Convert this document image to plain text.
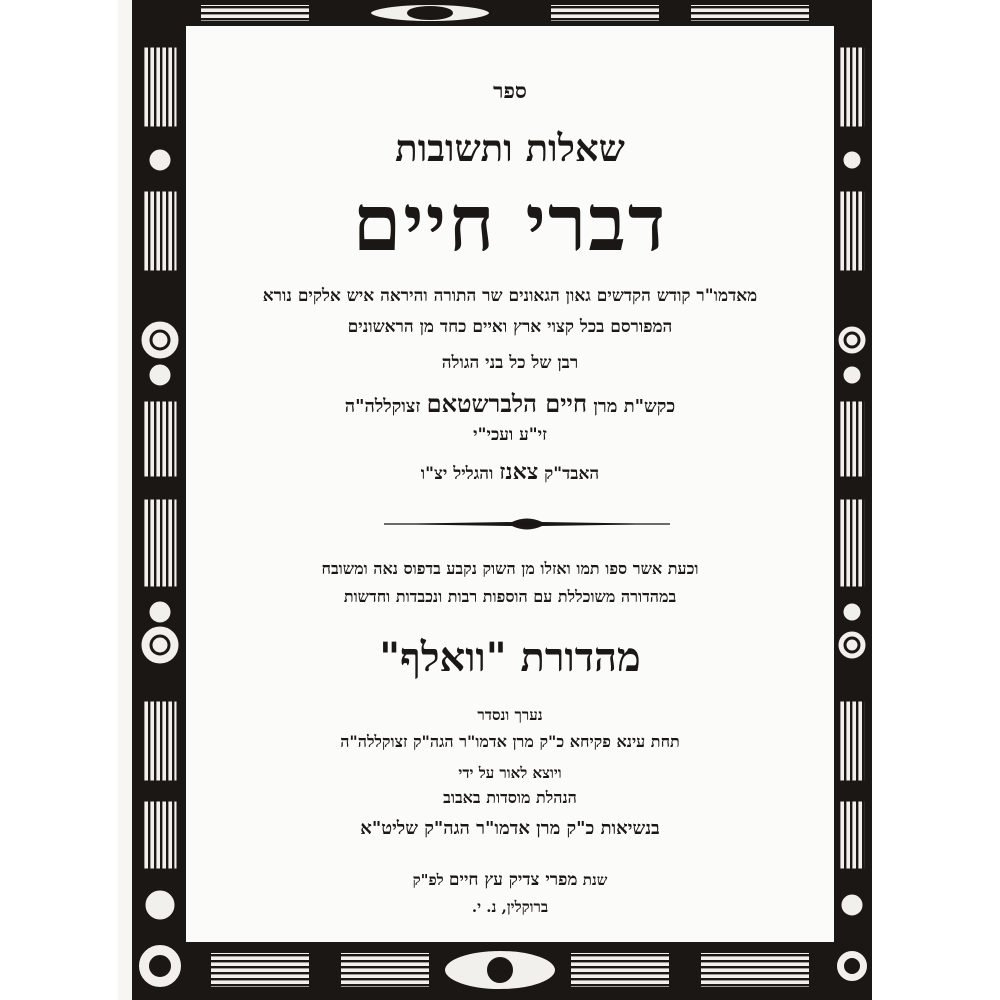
ספר
שאלות ותשובות
דברי חיים
מאדמו"ר קודש הקדשים גאון הגאונים שר התורה והיראה איש אלקים נורא
המפורסם בכל קצוי ארץ ואיים כחד מן הראשונים
רבן של כל בני הגולה
כקש"ת מרן חיים הלברשטאם זצוקללה"ה
זי"ע ועכי"י
האבד"ק צאנז והגליל יצ"ו
וכעת אשר ספו תמו ואזלו מן השוק נקבע בדפוס נאה ומשובח
במהדורה משוכללת עם הוספות רבות ונכבדות וחדשות
מהדורת "וואלף"
נערך ונסדר
תחת עינא פקיחא כ"ק מרן אדמו"ר הגה"ק זצוקללה"ה
ויוצא לאור על ידי
הנהלת מוסדות באבוב
בנשיאות כ"ק מרן אדמו"ר הגה"ק שליט"א
שנת מפרי צדיק עץ חיים לפ"ק
ברוקלין, נ. י.
